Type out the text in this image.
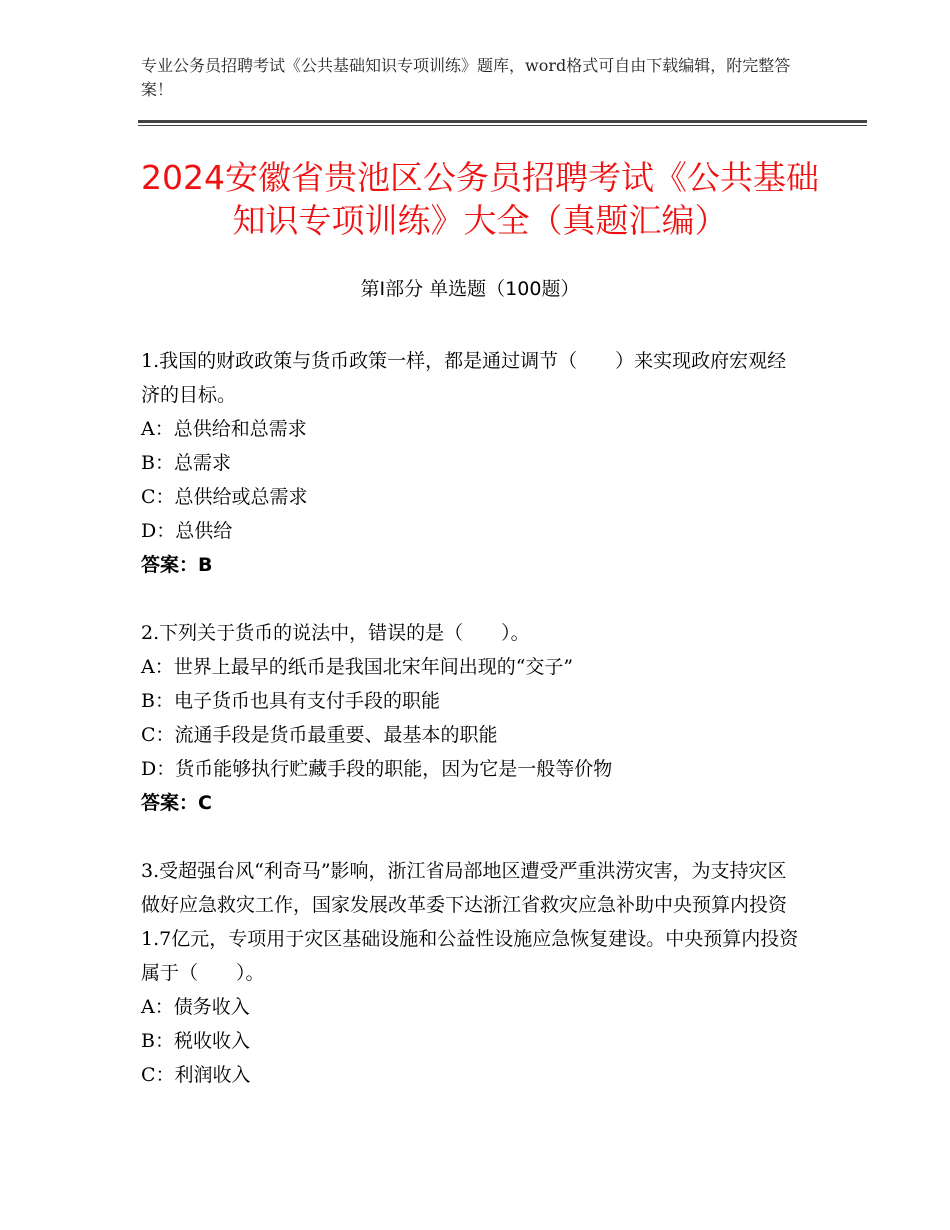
专业公务员招聘考试《公共基础知识专项训练》题库，word格式可自由下载编辑，附完整答案！
2024安徽省贵池区公务员招聘考试《公共基础知识专项训练》大全（真题汇编）
第Ⅰ部分 单选题（100题）
1.我国的财政政策与货币政策一样，都是通过调节（　　）来实现政府宏观经济的目标。
A：总供给和总需求
B：总需求
C：总供给或总需求
D：总供给
答案：B
2.下列关于货币的说法中，错误的是（　　）。
A：世界上最早的纸币是我国北宋年间出现的“交子”
B：电子货币也具有支付手段的职能
C：流通手段是货币最重要、最基本的职能
D：货币能够执行贮藏手段的职能，因为它是一般等价物
答案：C
3.受超强台风“利奇马”影响，浙江省局部地区遭受严重洪涝灾害，为支持灾区做好应急救灾工作，国家发展改革委下达浙江省救灾应急补助中央预算内投资1.7亿元，专项用于灾区基础设施和公益性设施应急恢复建设。中央预算内投资属于（　　）。
A：债务收入
B：税收收入
C：利润收入
